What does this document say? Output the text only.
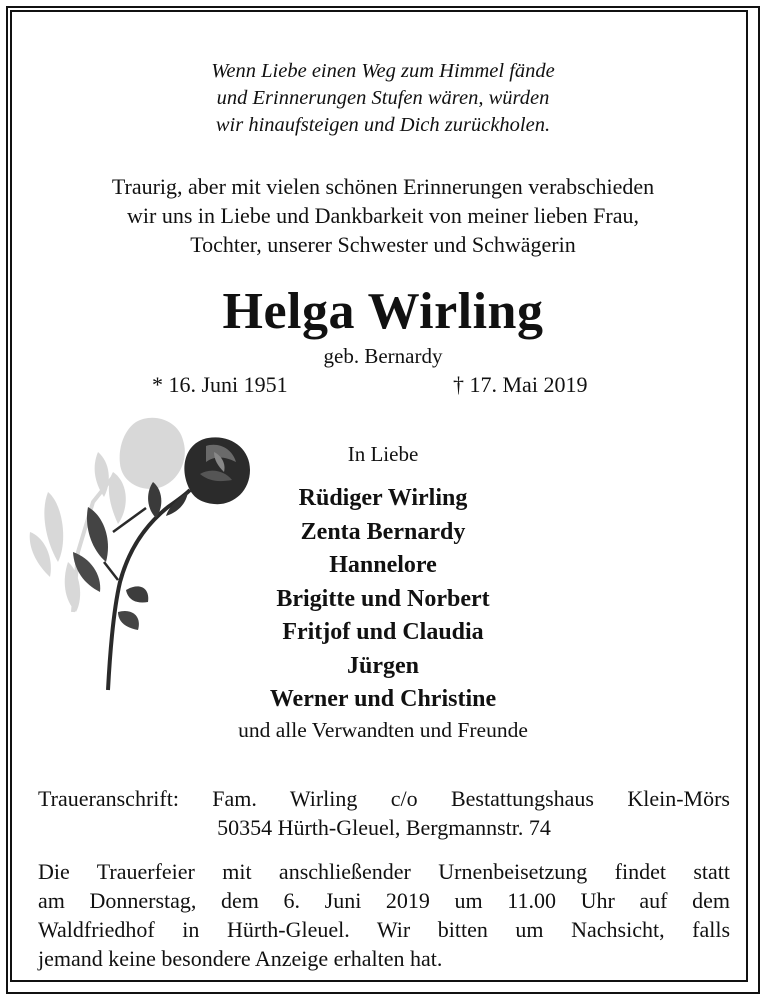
Wenn Liebe einen Weg zum Himmel fände
und Erinnerungen Stufen wären, würden
wir hinaufsteigen und Dich zurückholen.
Traurig, aber mit vielen schönen Erinnerungen verabschieden
wir uns in Liebe und Dankbarkeit von meiner lieben Frau,
Tochter, unserer Schwester und Schwägerin
Helga Wirling
geb. Bernardy
* 16. Juni 1951	† 17. Mai 2019
In Liebe
Rüdiger Wirling
Zenta Bernardy
Hannelore
Brigitte und Norbert
Fritjof und Claudia
Jürgen
Werner und Christine
und alle Verwandten und Freunde
Traueranschrift: Fam. Wirling c/o Bestattungshaus Klein-Mörs
50354 Hürth-Gleuel, Bergmannstr. 74
Die Trauerfeier mit anschließender Urnenbeisetzung findet statt
am Donnerstag, dem 6. Juni 2019 um 11.00 Uhr auf dem
Waldfriedhof in Hürth-Gleuel. Wir bitten um Nachsicht, falls
jemand keine besondere Anzeige erhalten hat.
